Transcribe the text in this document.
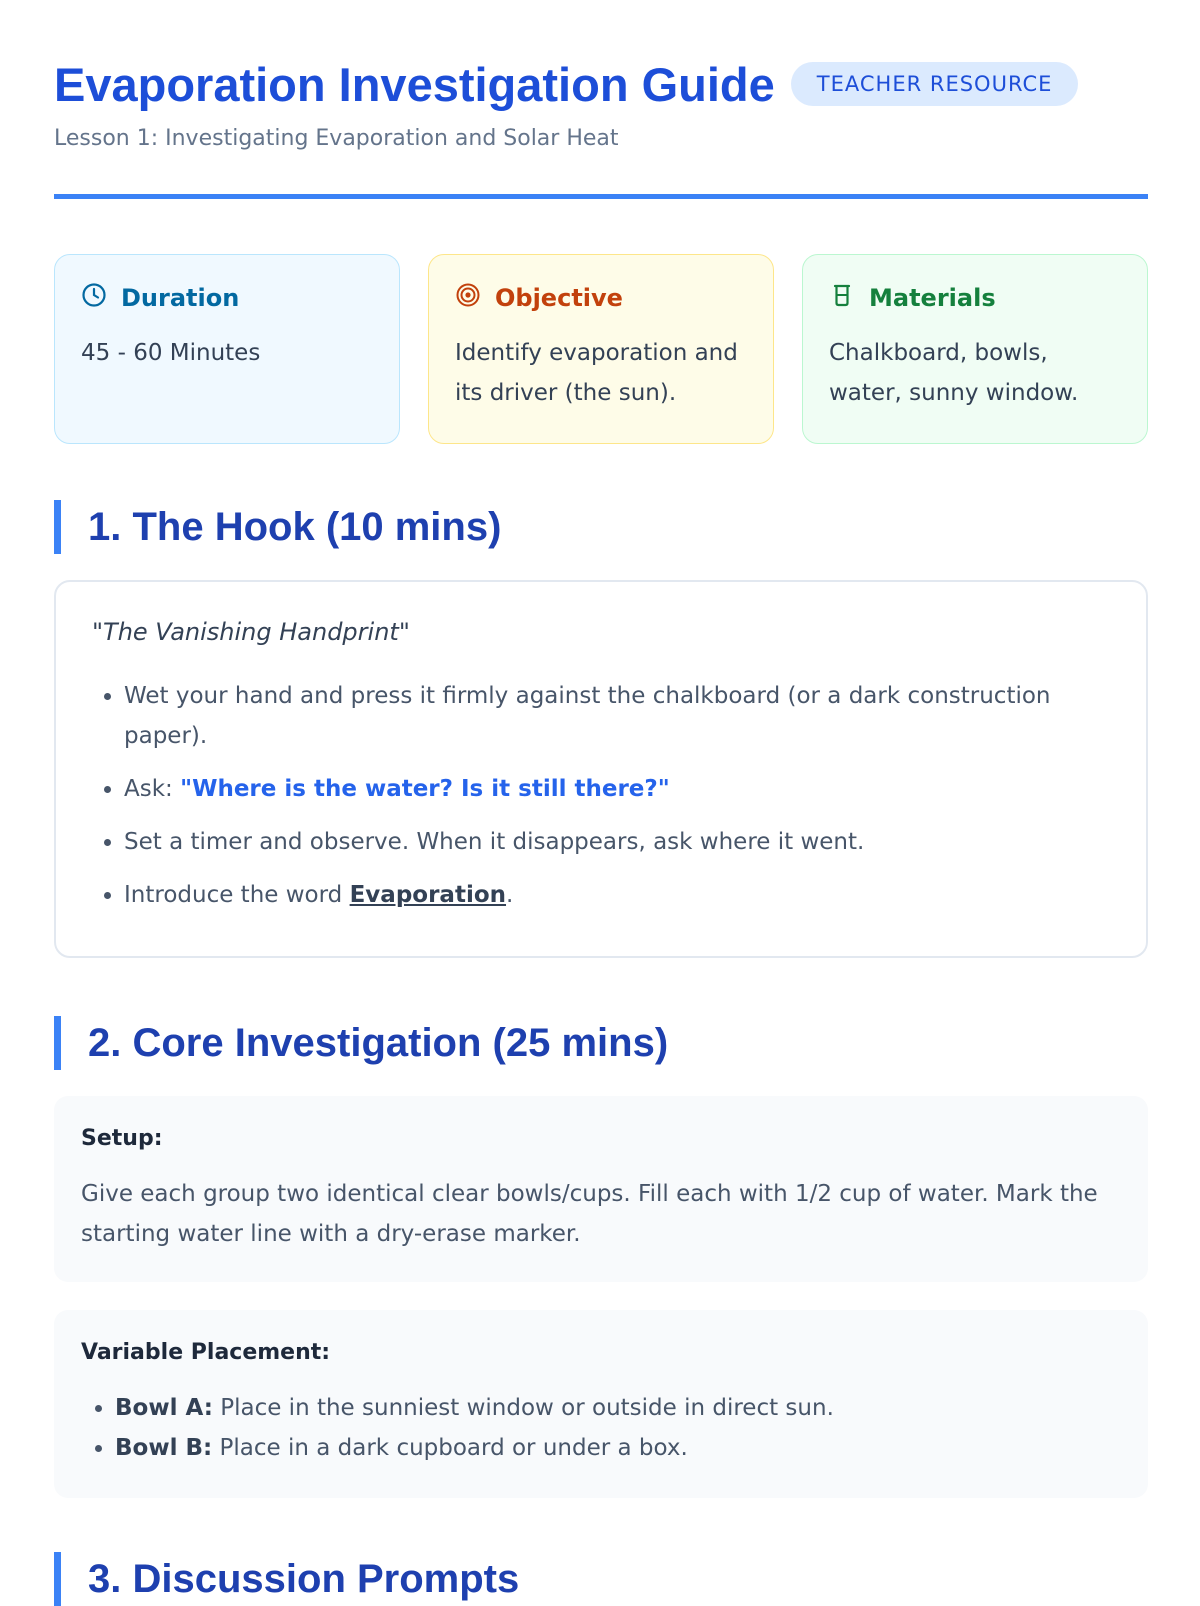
Evaporation Investigation Guide	TEACHER RESOURCE
Lesson 1: Investigating Evaporation and Solar Heat
Duration
45 - 60 Minutes
Objective
Identify evaporation and its driver (the sun).
Materials
Chalkboard, bowls, water, sunny window.
1. The Hook (10 mins)
"The Vanishing Handprint"
• Wet your hand and press it firmly against the chalkboard (or a dark construction paper).
• Ask: "Where is the water? Is it still there?"
• Set a timer and observe. When it disappears, ask where it went.
• Introduce the word Evaporation.
2. Core Investigation (25 mins)
Setup:
Give each group two identical clear bowls/cups. Fill each with 1/2 cup of water. Mark the starting water line with a dry-erase marker.
Variable Placement:
• Bowl A: Place in the sunniest window or outside in direct sun.
• Bowl B: Place in a dark cupboard or under a box.
3. Discussion Prompts
